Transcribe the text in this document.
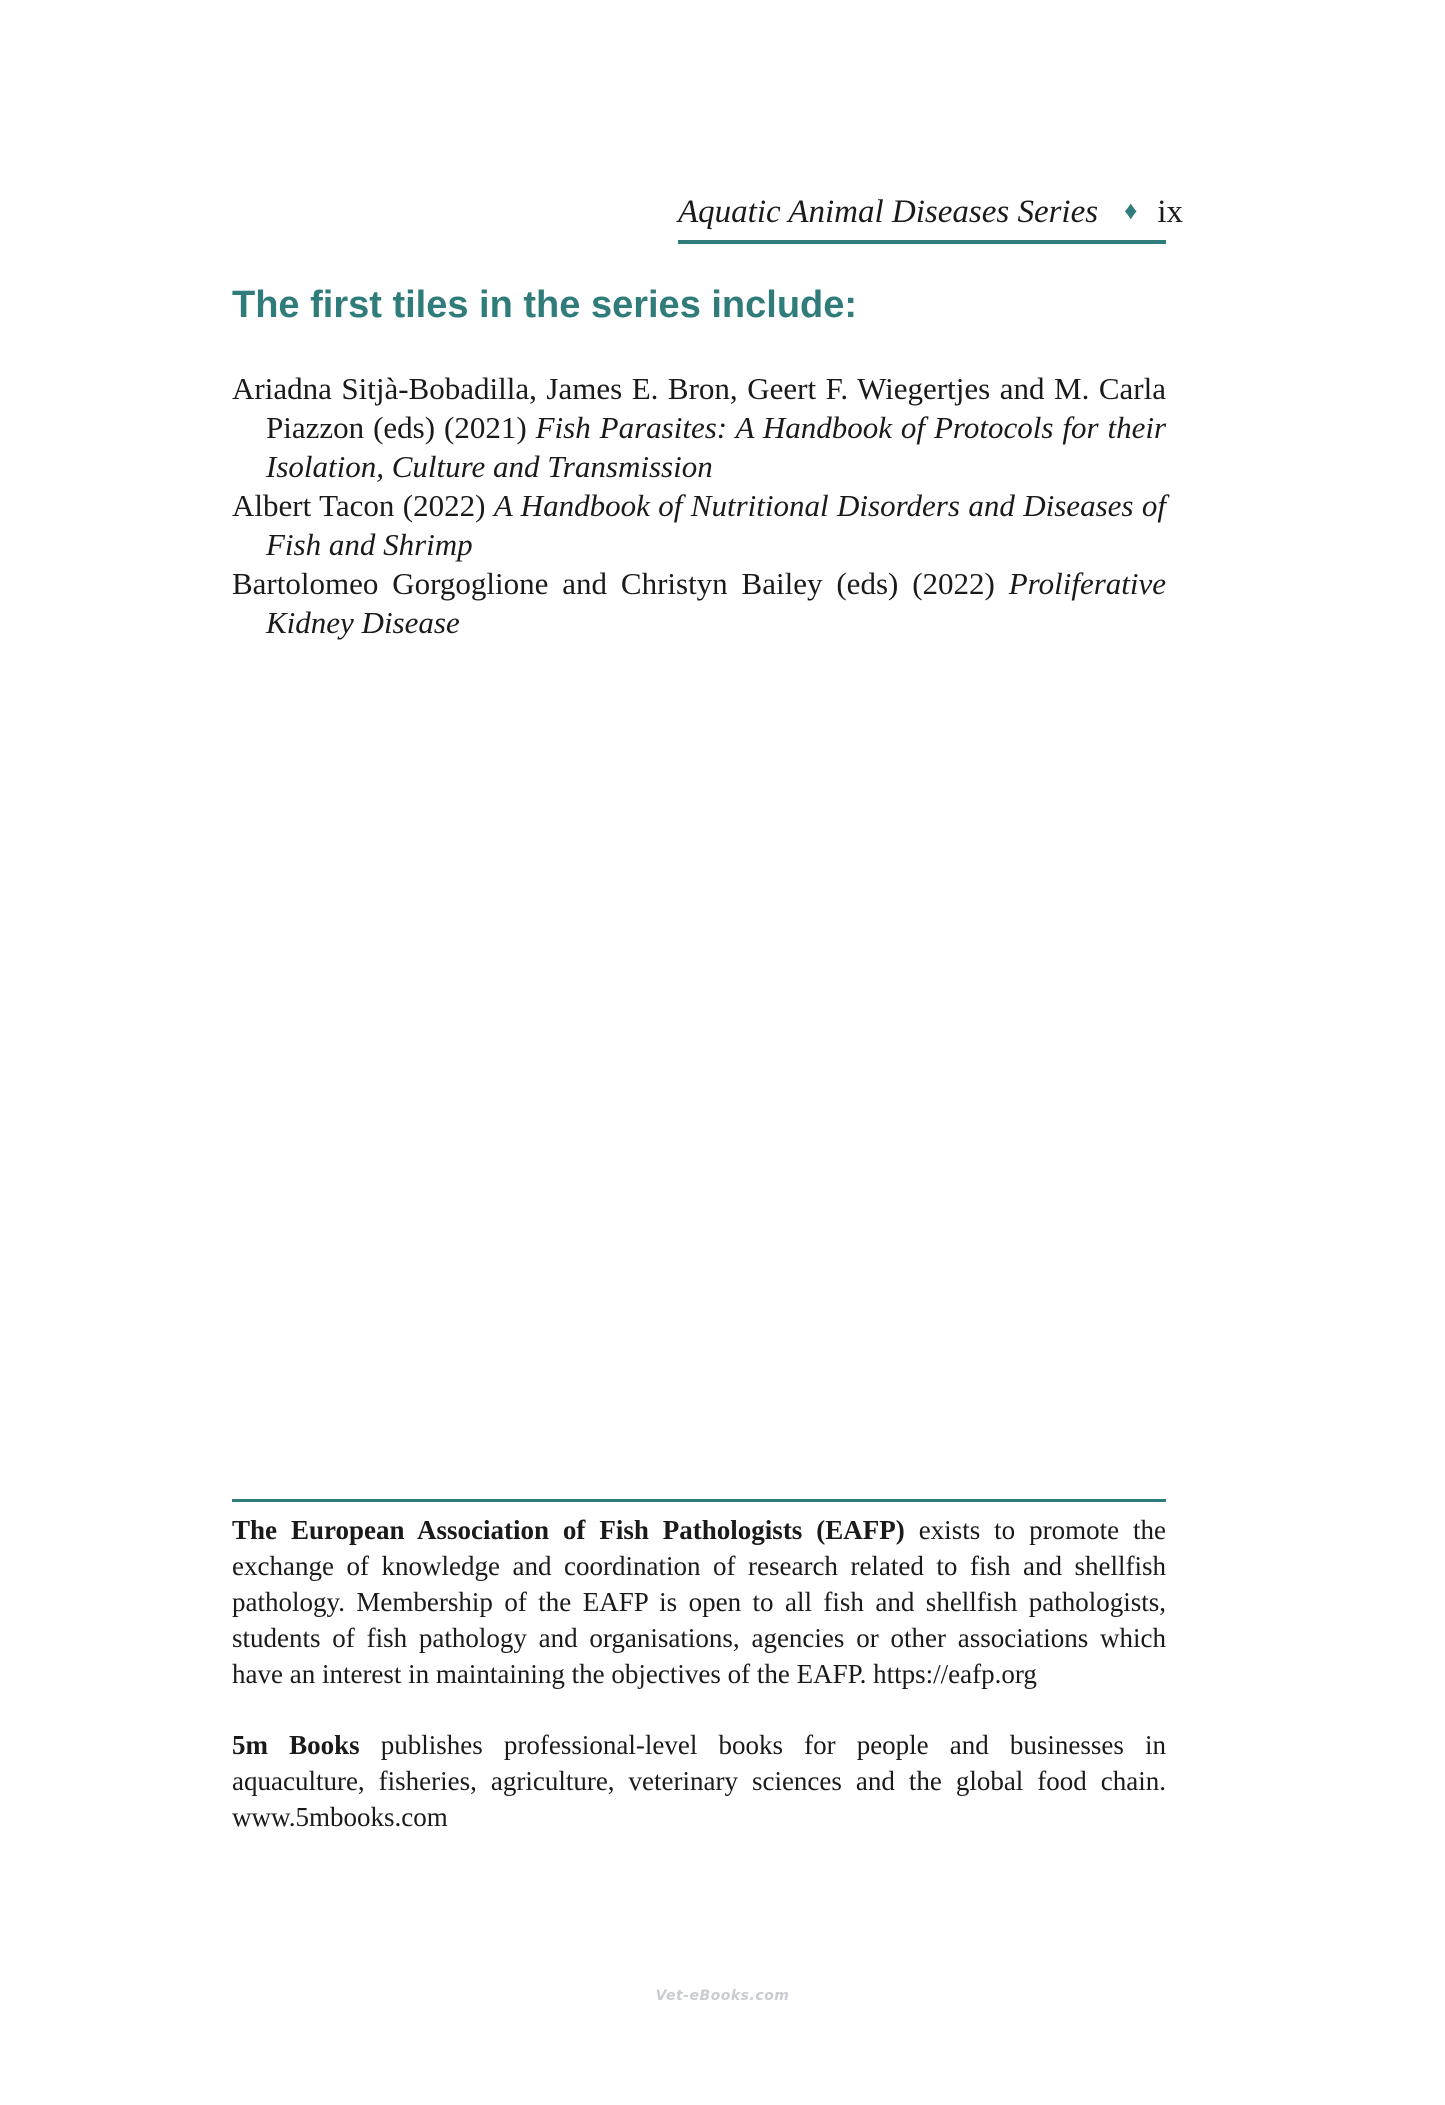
Aquatic Animal Diseases Series ♦ ix
The first tiles in the series include:
Ariadna Sitjà-Bobadilla, James E. Bron, Geert F. Wiegertjes and M. Carla Piazzon (eds) (2021) Fish Parasites: A Handbook of Protocols for their Isolation, Culture and Transmission
Albert Tacon (2022) A Handbook of Nutritional Disorders and Diseases of Fish and Shrimp
Bartolomeo Gorgoglione and Christyn Bailey (eds) (2022) Proliferative Kidney Disease

The European Association of Fish Pathologists (EAFP) exists to promote the exchange of knowledge and coordination of research related to fish and shellfish pathology. Membership of the EAFP is open to all fish and shellfish pathologists, students of fish pathology and organisations, agencies or other associations which have an interest in maintaining the objectives of the EAFP. https://eafp.org

5m Books publishes professional-level books for people and businesses in aquaculture, fisheries, agriculture, veterinary sciences and the global food chain. www.5mbooks.com

Vet-eBooks.com
